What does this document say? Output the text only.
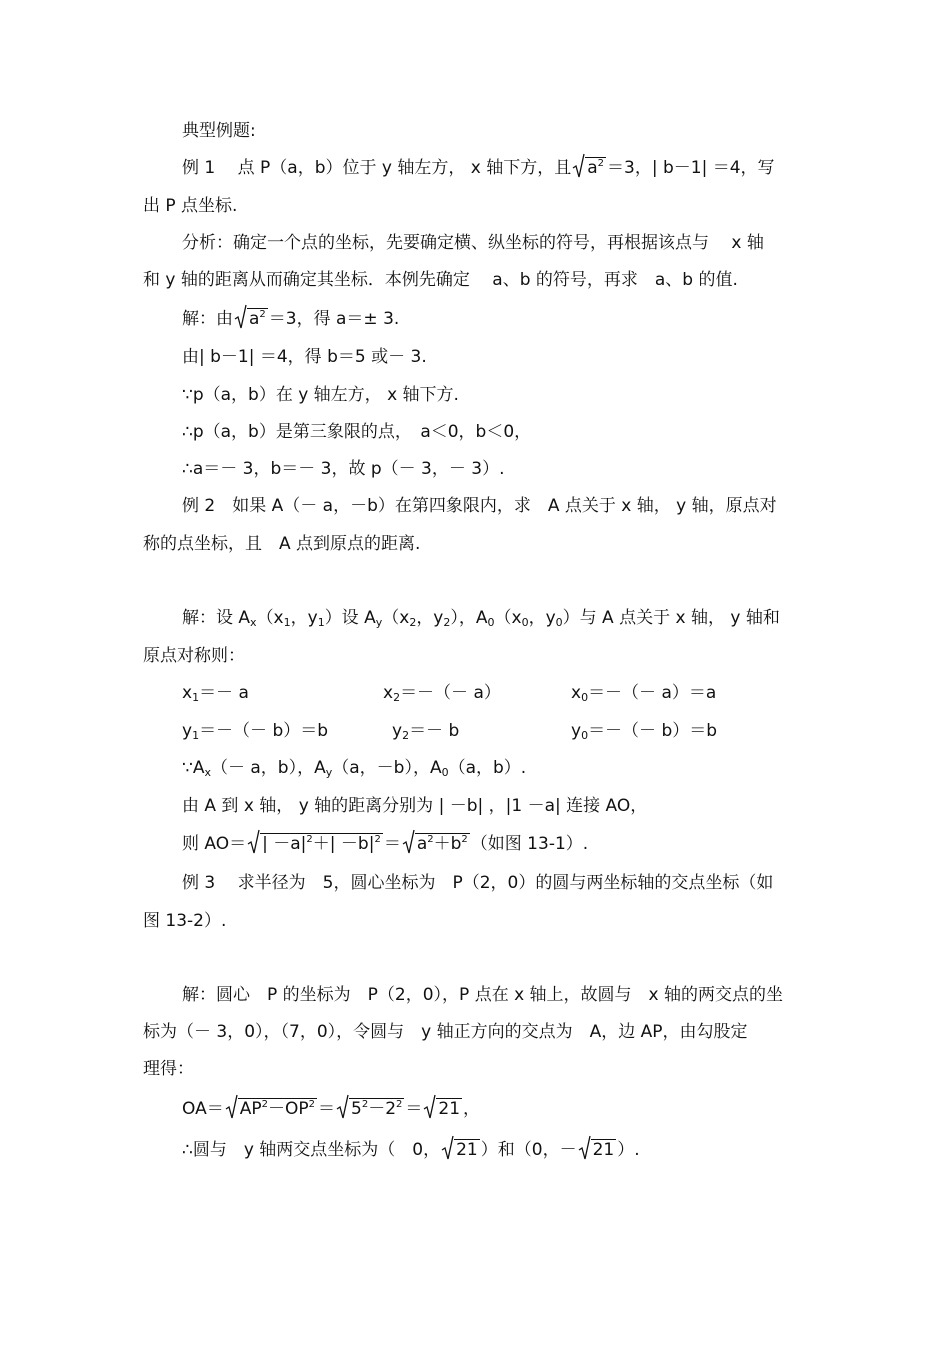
典型例题:
例 1　 点 P（a，b）位于 y 轴左方， x 轴下方，且 $a^2 =3$，| b－1| ＝4，写
出 P 点坐标.
分析：确定一个点的坐标，先要确定横、纵坐标的符号，再根据该点与　 x 轴
和 y 轴的距离从而确定其坐标．本例先确定　 a、b 的符号，再求　a、b 的值.
解：由 $a^2 =3$，得 a＝± 3.
由| b－1| ＝4，得 b＝5 或－ 3.
∵p（a，b）在 y 轴左方， x 轴下方.
∴p（a，b）是第三象限的点，　a＜0，b＜0，
∴a＝－ 3，b＝－ 3，故 p（－ 3，－ 3）.
例 2　如果 A（－ a，－b）在第四象限内，求　A 点关于 x 轴， y 轴，原点对
称的点坐标，且　A 点到原点的距离.
解：设 $A_x(x_1$，$y_1$）设 $A_y(x_2$，$y_2$），$A_0(x_0$，$y_0$）与 A 点关于 x 轴， y 轴和
原点对称则：
$x_1=- a$	$x_2=-(- a)$	$x_0=-(- a)=a$
$y_1=-(- b)=b$	$y_2=- b$	$y_0=-(- b)=b$
$\because A_x(- a$，b），$A_y(a$，－b），$A_0(a$，b）.
由 A 到 x 轴， y 轴的距离分别为 | －b| ，|1 －a| 连接 AO，
则 AO＝ | $-a|^2+| -b|^2 = a^2+b^2$ （如图 13-1）.
例 3　 求半径为　5，圆心坐标为　P（2，0）的圆与两坐标轴的交点坐标（如
图 13-2）.
解：圆心　P 的坐标为　P（2，0），P 点在 x 轴上，故圆与　x 轴的两交点的坐
标为（－ 3，0），（7，0），令圆与　y 轴正方向的交点为　A，边 AP，由勾股定
理得：
$OA= AP^2-OP^2 = 5^2-2^2 = 21$ ，
∴圆与　y 轴两交点坐标为（　0， 21 ）和（0，－ 21 ）.
